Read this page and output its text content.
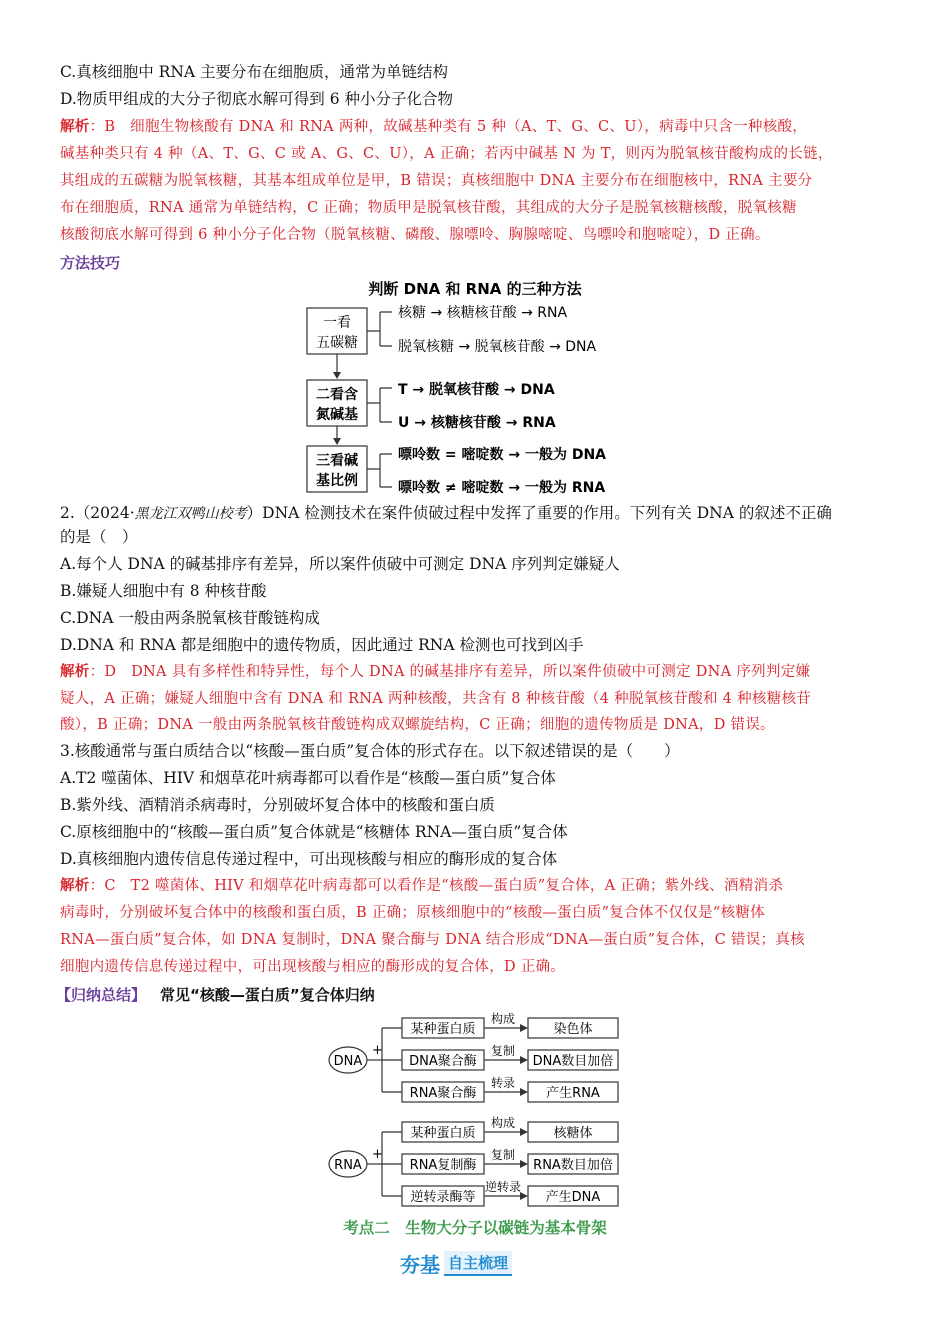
C.真核细胞中 RNA 主要分布在细胞质，通常为单链结构
D.物质甲组成的大分子彻底水解可得到 6 种小分子化合物
解析：B　细胞生物核酸有 DNA 和 RNA 两种，故碱基种类有 5 种（A、T、G、C、U），病毒中只含一种核酸，
碱基种类只有 4 种（A、T、G、C 或 A、G、C、U），A 正确；若丙中碱基 N 为 T，则丙为脱氧核苷酸构成的长链，
其组成的五碳糖为脱氧核糖，其基本组成单位是甲，B 错误；真核细胞中 DNA 主要分布在细胞核中，RNA 主要分
布在细胞质，RNA 通常为单链结构，C 正确；物质甲是脱氧核苷酸，其组成的大分子是脱氧核糖核酸，脱氧核糖
核酸彻底水解可得到 6 种小分子化合物（脱氧核糖、磷酸、腺嘌呤、胸腺嘧啶、鸟嘌呤和胞嘧啶），D 正确。
方法技巧
判断 DNA 和 RNA 的三种方法
一看
五碳糖
二看含
氮碱基
三看碱
基比例
核糖 → 核糖核苷酸 → RNA
脱氧核糖 → 脱氧核苷酸 → DNA
T → 脱氧核苷酸 → DNA
U → 核糖核苷酸 → RNA
嘌呤数 = 嘧啶数 → 一般为 DNA
嘌呤数 ≠ 嘧啶数 → 一般为 RNA
2.（2024·黑龙江双鸭山校考）DNA 检测技术在案件侦破过程中发挥了重要的作用。下列有关 DNA 的叙述不正确
的是（　）
A.每个人 DNA 的碱基排序有差异，所以案件侦破中可测定 DNA 序列判定嫌疑人
B.嫌疑人细胞中有 8 种核苷酸
C.DNA 一般由两条脱氧核苷酸链构成
D.DNA 和 RNA 都是细胞中的遗传物质，因此通过 RNA 检测也可找到凶手
解析：D　DNA 具有多样性和特异性，每个人 DNA 的碱基排序有差异，所以案件侦破中可测定 DNA 序列判定嫌
疑人，A 正确；嫌疑人细胞中含有 DNA 和 RNA 两种核酸，共含有 8 种核苷酸（4 种脱氧核苷酸和 4 种核糖核苷
酸），B 正确；DNA 一般由两条脱氧核苷酸链构成双螺旋结构，C 正确；细胞的遗传物质是 DNA，D 错误。
3.核酸通常与蛋白质结合以“核酸—蛋白质”复合体的形式存在。以下叙述错误的是（　　）
A.T2 噬菌体、HIV 和烟草花叶病毒都可以看作是“核酸—蛋白质”复合体
B.紫外线、酒精消杀病毒时，分别破坏复合体中的核酸和蛋白质
C.原核细胞中的“核酸—蛋白质”复合体就是“核糖体 RNA—蛋白质”复合体
D.真核细胞内遗传信息传递过程中，可出现核酸与相应的酶形成的复合体
解析：C　T2 噬菌体、HIV 和烟草花叶病毒都可以看作是“核酸—蛋白质”复合体，A 正确；紫外线、酒精消杀
病毒时，分别破坏复合体中的核酸和蛋白质，B 正确；原核细胞中的“核酸—蛋白质”复合体不仅仅是“核糖体
RNA—蛋白质”复合体，如 DNA 复制时，DNA 聚合酶与 DNA 结合形成“DNA—蛋白质”复合体，C 错误；真核
细胞内遗传信息传递过程中，可出现核酸与相应的酶形成的复合体，D 正确。
【归纳总结】 常见“核酸—蛋白质”复合体归纳
DNA
+
某种蛋白质
构成
染色体
DNA聚合酶
复制
DNA数目加倍
RNA聚合酶
转录
产生RNA
RNA
+
某种蛋白质
构成
核糖体
RNA复制酶
复制
RNA数目加倍
逆转录酶等
逆转录
产生DNA
考点二　生物大分子以碳链为基本骨架
夯基 自主梳理
